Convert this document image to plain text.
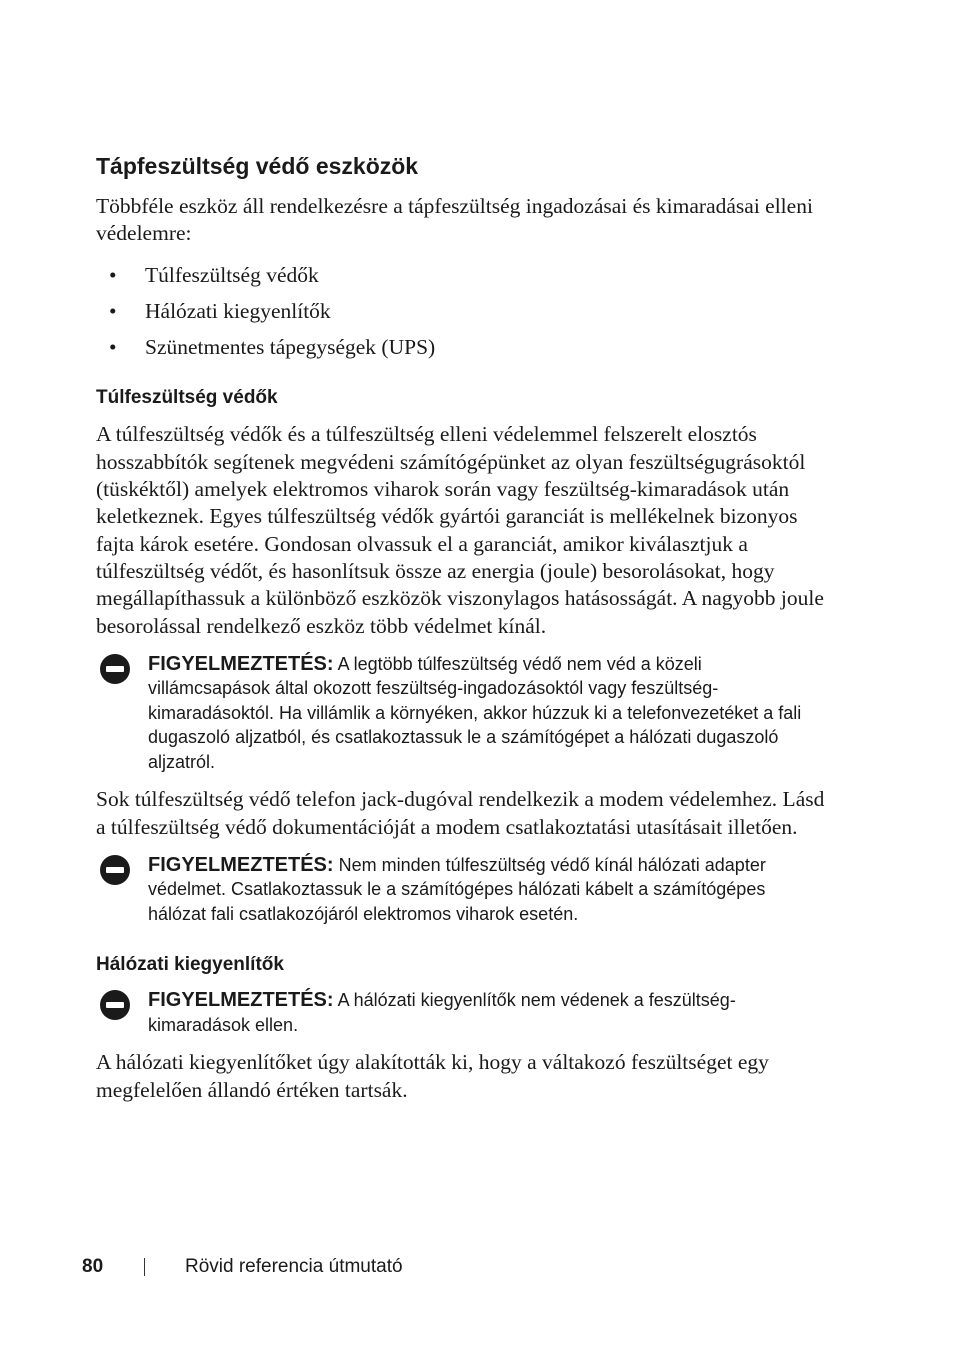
Tápfeszültség védő eszközök

Többféle eszköz áll rendelkezésre a tápfeszültség ingadozásai és kimaradásai elleni védelemre:

• Túlfeszültség védők
• Hálózati kiegyenlítők
• Szünetmentes tápegységek (UPS)
Túlfeszültség védők

A túlfeszültség védők és a túlfeszültség elleni védelemmel felszerelt elosztós hosszabbítók segítenek megvédeni számítógépünket az olyan feszültségugrásoktól (tüskéktől) amelyek elektromos viharok során vagy feszültség-kimaradások után keletkeznek. Egyes túlfeszültség védők gyártói garanciát is mellékelnek bizonyos fajta károk esetére. Gondosan olvassuk el a garanciát, amikor kiválasztjuk a túlfeszültség védőt, és hasonlítsuk össze az energia (joule) besorolásokat, hogy megállapíthassuk a különböző eszközök viszonylagos hatásosságát. A nagyobb joule besorolással rendelkező eszköz több védelmet kínál.

FIGYELMEZTETÉS: A legtöbb túlfeszültség védő nem véd a közeli villámcsapások által okozott feszültség-ingadozásoktól vagy feszültség-kimaradásoktól. Ha villámlik a környéken, akkor húzzuk ki a telefonvezetéket a fali dugaszoló aljzatból, és csatlakoztassuk le a számítógépet a hálózati dugaszoló aljzatról.

Sok túlfeszültség védő telefon jack-dugóval rendelkezik a modem védelemhez. Lásd a túlfeszültség védő dokumentációját a modem csatlakoztatási utasításait illetően.

FIGYELMEZTETÉS: Nem minden túlfeszültség védő kínál hálózati adapter védelmet. Csatlakoztassuk le a számítógépes hálózati kábelt a számítógépes hálózat fali csatlakozójáról elektromos viharok esetén.
Hálózati kiegyenlítők
FIGYELMEZTETÉS: A hálózati kiegyenlítők nem védenek a feszültség-kimaradások ellen.

A hálózati kiegyenlítőket úgy alakították ki, hogy a váltakozó feszültséget egy megfelelően állandó értéken tartsák.

80	Rövid referencia útmutató
